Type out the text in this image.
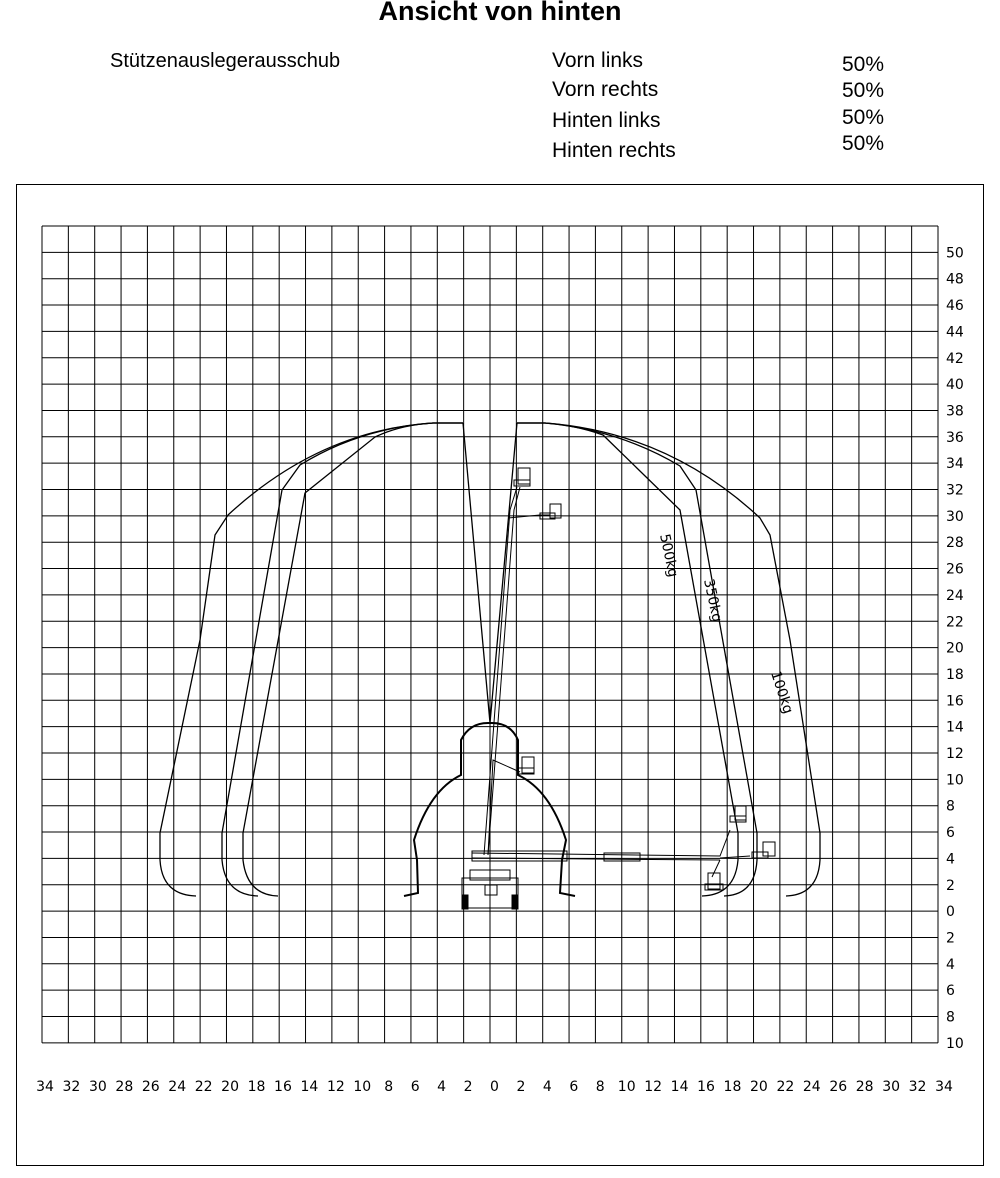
Ansicht von hinten
Stützenauslegerausschub	Vorn links
Vorn rechts
Hinten links
Hinten rechts
50%
50%
50%
50%
50
48
46
44
42
40
38
36
34
32
30
28
26
24
22
20
18
16
14
12
10
8
6
4
2
0
2
4
6
8
10
34 32 30 28 26 24 22 20 18 16 14 12 10 8 6 4 2 0 2 4 6 8 10 12 14 16 18 20 22 24 26 28 30 32 34
500kg
350kg
100kg
